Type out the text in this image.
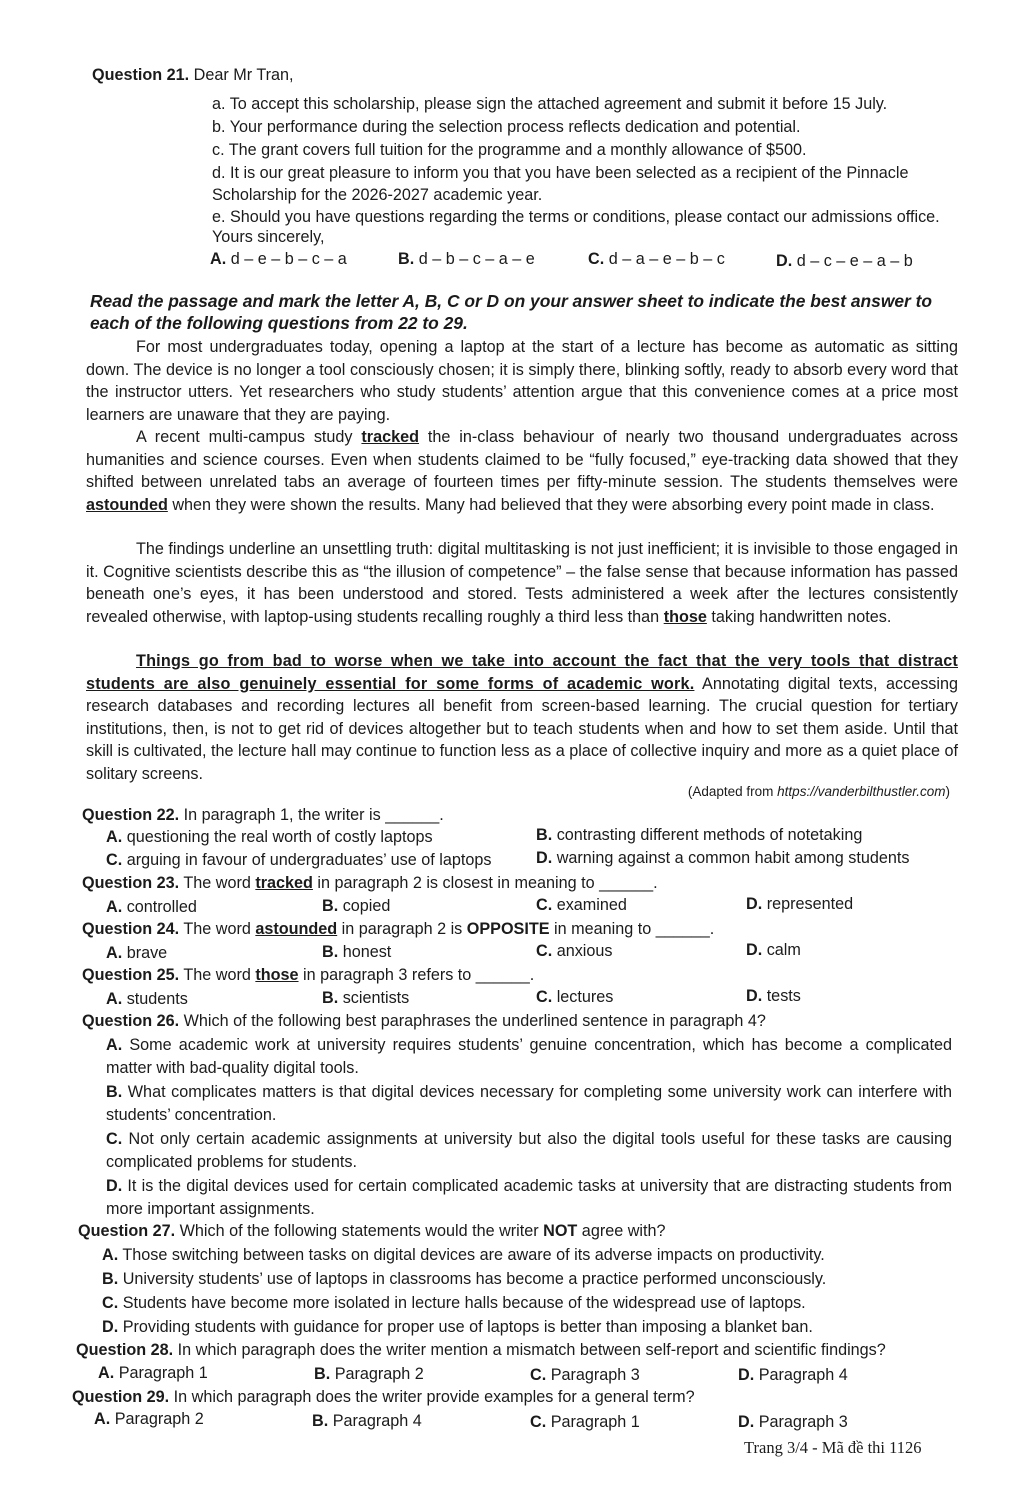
Question 21. Dear Mr Tran,
a. To accept this scholarship, please sign the attached agreement and submit it before 15 July.
b. Your performance during the selection process reflects dedication and potential.
c. The grant covers full tuition for the programme and a monthly allowance of $500.
d. It is our great pleasure to inform you that you have been selected as a recipient of the Pinnacle
Scholarship for the 2026-2027 academic year.
e. Should you have questions regarding the terms or conditions, please contact our admissions office.
Yours sincerely,
A. d – e – b – c – a	B. d – b – c – a – e	C. d – a – e – b – c	D. d – c – e – a – b
Read the passage and mark the letter A, B, C or D on your answer sheet to indicate the best answer to each of the following questions from 22 to 29.
For most undergraduates today, opening a laptop at the start of a lecture has become as automatic as sitting down. The device is no longer a tool consciously chosen; it is simply there, blinking softly, ready to absorb every word that the instructor utters. Yet researchers who study students’ attention argue that this convenience comes at a price most learners are unaware that they are paying.
A recent multi-campus study tracked the in-class behaviour of nearly two thousand undergraduates across humanities and science courses. Even when students claimed to be “fully focused,” eye-tracking data showed that they shifted between unrelated tabs an average of fourteen times per fifty-minute session. The students themselves were astounded when they were shown the results. Many had believed that they were absorbing every point made in class.
The findings underline an unsettling truth: digital multitasking is not just inefficient; it is invisible to those engaged in it. Cognitive scientists describe this as “the illusion of competence” – the false sense that because information has passed beneath one’s eyes, it has been understood and stored. Tests administered a week after the lectures consistently revealed otherwise, with laptop-using students recalling roughly a third less than those taking handwritten notes.
Things go from bad to worse when we take into account the fact that the very tools that distract students are also genuinely essential for some forms of academic work. Annotating digital texts, accessing research databases and recording lectures all benefit from screen-based learning. The crucial question for tertiary institutions, then, is not to get rid of devices altogether but to teach students when and how to set them aside. Until that skill is cultivated, the lecture hall may continue to function less as a place of collective inquiry and more as a quiet place of solitary screens.
(Adapted from https://vanderbilthustler.com)
Question 22. In paragraph 1, the writer is ______.
A. questioning the real worth of costly laptops	B. contrasting different methods of notetaking
C. arguing in favour of undergraduates’ use of laptops	D. warning against a common habit among students
Question 23. The word tracked in paragraph 2 is closest in meaning to ______.
A. controlled	B. copied	C. examined	D. represented
Question 24. The word astounded in paragraph 2 is OPPOSITE in meaning to ______.
A. brave	B. honest	C. anxious	D. calm
Question 25. The word those in paragraph 3 refers to ______.
A. students	B. scientists	C. lectures	D. tests
Question 26. Which of the following best paraphrases the underlined sentence in paragraph 4?
A. Some academic work at university requires students’ genuine concentration, which has become a complicated matter with bad-quality digital tools.
B. What complicates matters is that digital devices necessary for completing some university work can interfere with students’ concentration.
C. Not only certain academic assignments at university but also the digital tools useful for these tasks are causing complicated problems for students.
D. It is the digital devices used for certain complicated academic tasks at university that are distracting students from more important assignments.
Question 27. Which of the following statements would the writer NOT agree with?
A. Those switching between tasks on digital devices are aware of its adverse impacts on productivity.
B. University students’ use of laptops in classrooms has become a practice performed unconsciously.
C. Students have become more isolated in lecture halls because of the widespread use of laptops.
D. Providing students with guidance for proper use of laptops is better than imposing a blanket ban.
Question 28. In which paragraph does the writer mention a mismatch between self-report and scientific findings?
A. Paragraph 1	B. Paragraph 2	C. Paragraph 3	D. Paragraph 4
Question 29. In which paragraph does the writer provide examples for a general term?
A. Paragraph 2	B. Paragraph 4	C. Paragraph 1	D. Paragraph 3
Trang 3/4 - Mã đề thi 1126
